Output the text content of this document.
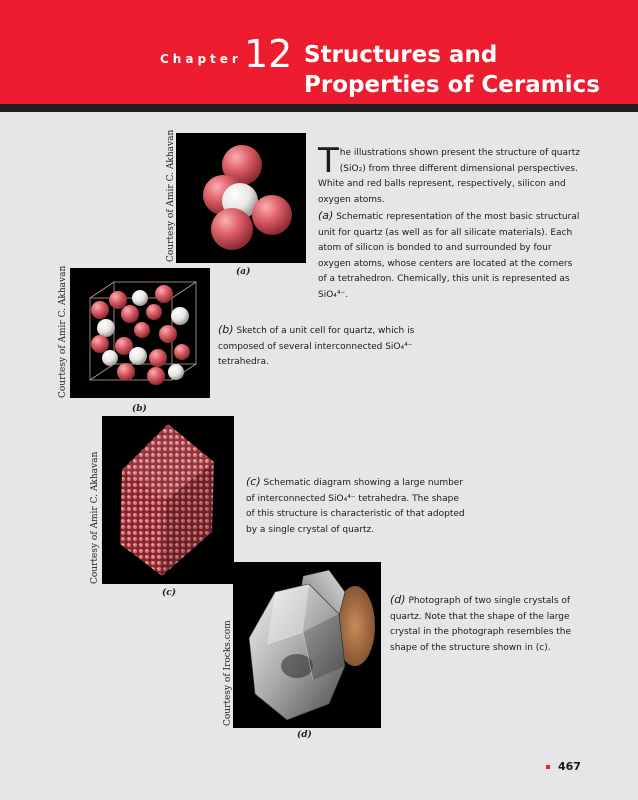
Chapter 12 Structures and
Properties of Ceramics
Courtesy of Amir C. Akhavan
(a)
The illustrations shown present the structure of quartz (SiO₂) from three different dimensional perspectives. White and red balls represent, respectively, silicon and oxygen atoms.
(a) Schematic representation of the most basic structural unit for quartz (as well as for all silicate materials). Each atom of silicon is bonded to and surrounded by four oxygen atoms, whose centers are located at the corners of a tetrahedron. Chemically, this unit is represented as SiO₄⁴⁻.
Courtesy of Amir C. Akhavan
(b)
(b) Sketch of a unit cell for quartz, which is composed of several interconnected SiO₄⁴⁻ tetrahedra.
Courtesy of Amir C. Akhavan
(c)
(c) Schematic diagram showing a large number of interconnected SiO₄⁴⁻ tetrahedra. The shape of this structure is characteristic of that adopted by a single crystal of quartz.
Courtesy of Irocks.com
(d)
(d) Photograph of two single crystals of quartz. Note that the shape of the large crystal in the photograph resembles the shape of the structure shown in (c).
467
